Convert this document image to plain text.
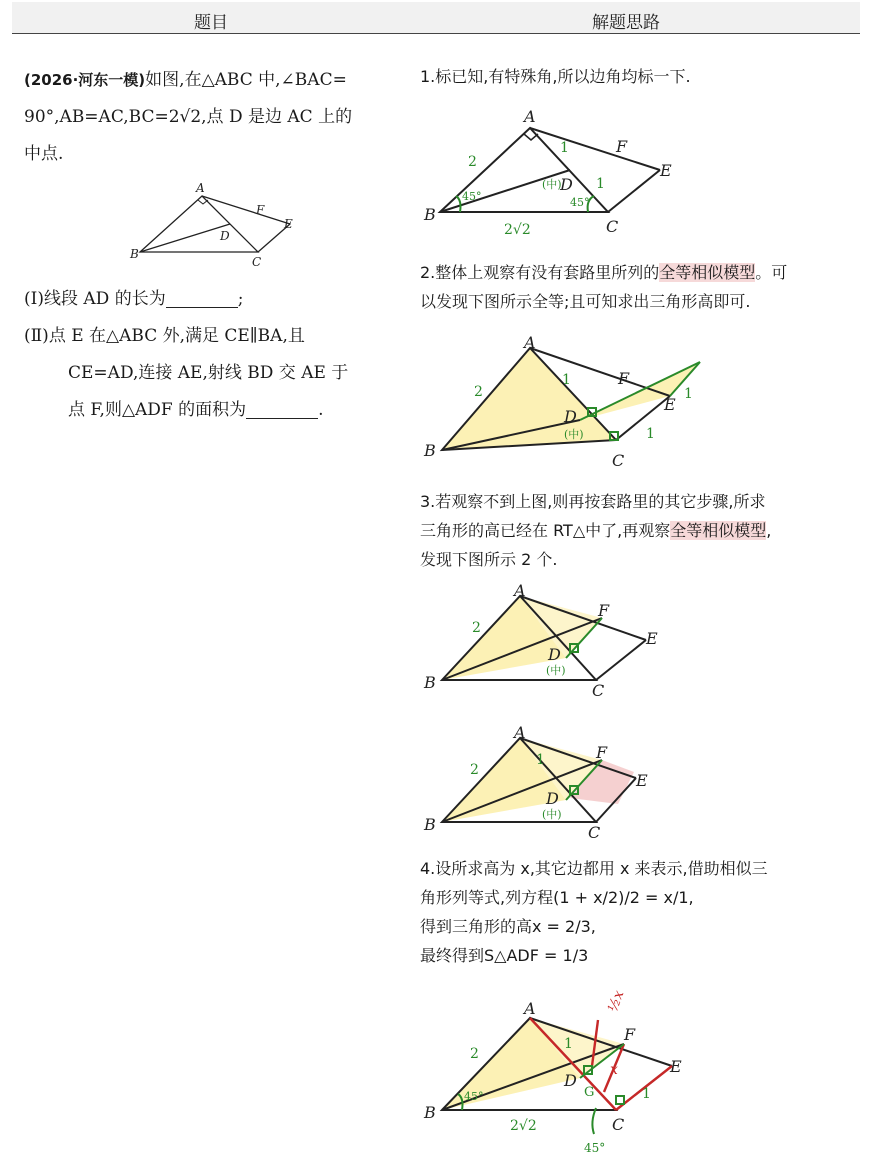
题目	解题思路

(2026·河东一模)如图,在△ABC 中,∠BAC=

90°,AB=AC,BC=2√2,点 D 是边 AC 上的

中点.

A
B
C
D
E
F

(Ⅰ)线段 AD 的长为	;

(Ⅱ)点 E 在△ABC 外,满足 CE∥BA,且

CE=AD,连接 AE,射线 BD 交 AE 于

点 F,则△ADF 的面积为	.

1.标已知,有特殊角,所以边角均标一下.

2.整体上观察有没有套路里所列的全等相似模型。可

以发现下图所示全等;且可知求出三角形高即可.

3.若观察不到上图,则再按套路里的其它步骤,所求

三角形的高已经在 RT△中了,再观察全等相似模型,

发现下图所示 2 个.

4.设所求高为 x,其它边都用 x 来表示,借助相似三

角形列等式,列方程(1 + x/2)/2 = x/1,

得到三角形的高x = 2/3,

最终得到S△ADF = 1/3

A
B
C
D
E
F
2
1
1
2√2
(中)
45°	45°
A
B
C
D
E
F
2
1
1
1
(中)
A
B	C
D
E
F
2
(中)
A
B	C
D
E
F
2
1
(中)
A
B
C
D
E
F
2
1
1
2√2
45°
45°
G
x
½x
